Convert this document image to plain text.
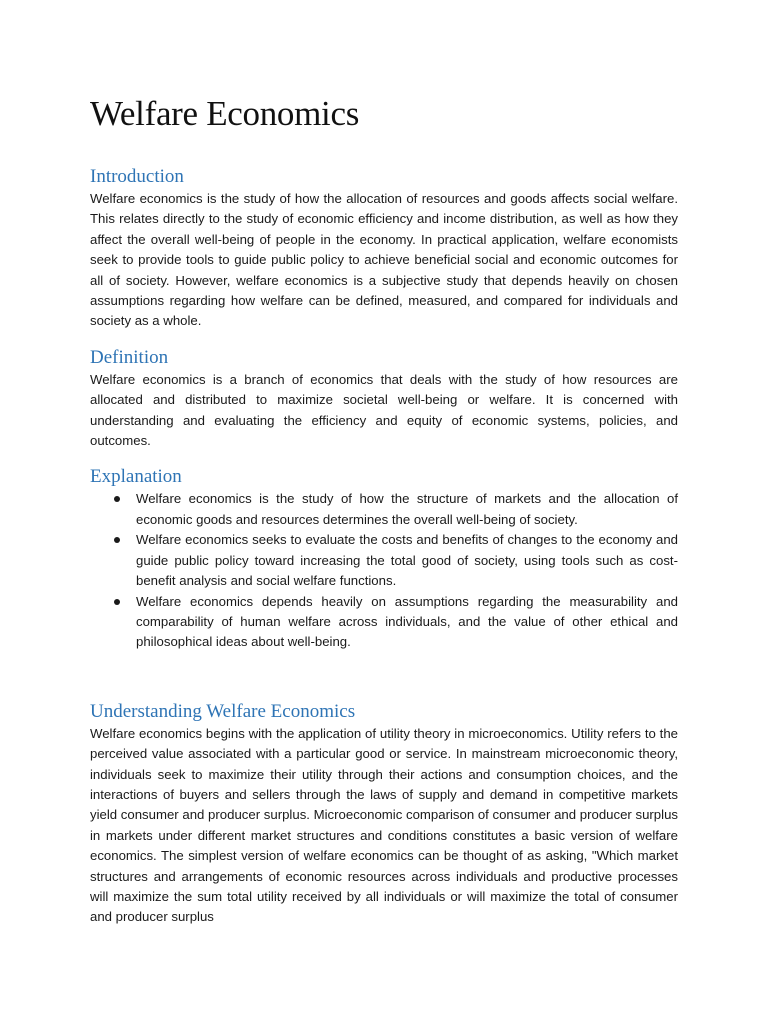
Welfare Economics
Introduction

Welfare economics is the study of how the allocation of resources and goods affects social welfare. This relates directly to the study of economic efficiency and income distribution, as well as how they affect the overall well-being of people in the economy. In practical application, welfare economists seek to provide tools to guide public policy to achieve beneficial social and economic outcomes for all of society. However, welfare economics is a subjective study that depends heavily on chosen assumptions regarding how welfare can be defined, measured, and compared for individuals and society as a whole.

Definition

Welfare economics is a branch of economics that deals with the study of how resources are allocated and distributed to maximize societal well-being or welfare. It is concerned with understanding and evaluating the efficiency and equity of economic systems, policies, and outcomes.

Explanation
Welfare economics is the study of how the structure of markets and the allocation of economic goods and resources determines the overall well-being of society.
Welfare economics seeks to evaluate the costs and benefits of changes to the economy and guide public policy toward increasing the total good of society, using tools such as cost-benefit analysis and social welfare functions.
Welfare economics depends heavily on assumptions regarding the measurability and comparability of human welfare across individuals, and the value of other ethical and philosophical ideas about well-being.
Understanding Welfare Economics

Welfare economics begins with the application of utility theory in microeconomics. Utility refers to the perceived value associated with a particular good or service. In mainstream microeconomic theory, individuals seek to maximize their utility through their actions and consumption choices, and the interactions of buyers and sellers through the laws of supply and demand in competitive markets yield consumer and producer surplus. Microeconomic comparison of consumer and producer surplus in markets under different market structures and conditions constitutes a basic version of welfare economics. The simplest version of welfare economics can be thought of as asking, "Which market structures and arrangements of economic resources across individuals and productive processes will maximize the sum total utility received by all individuals or will maximize the total of consumer and producer surplus
